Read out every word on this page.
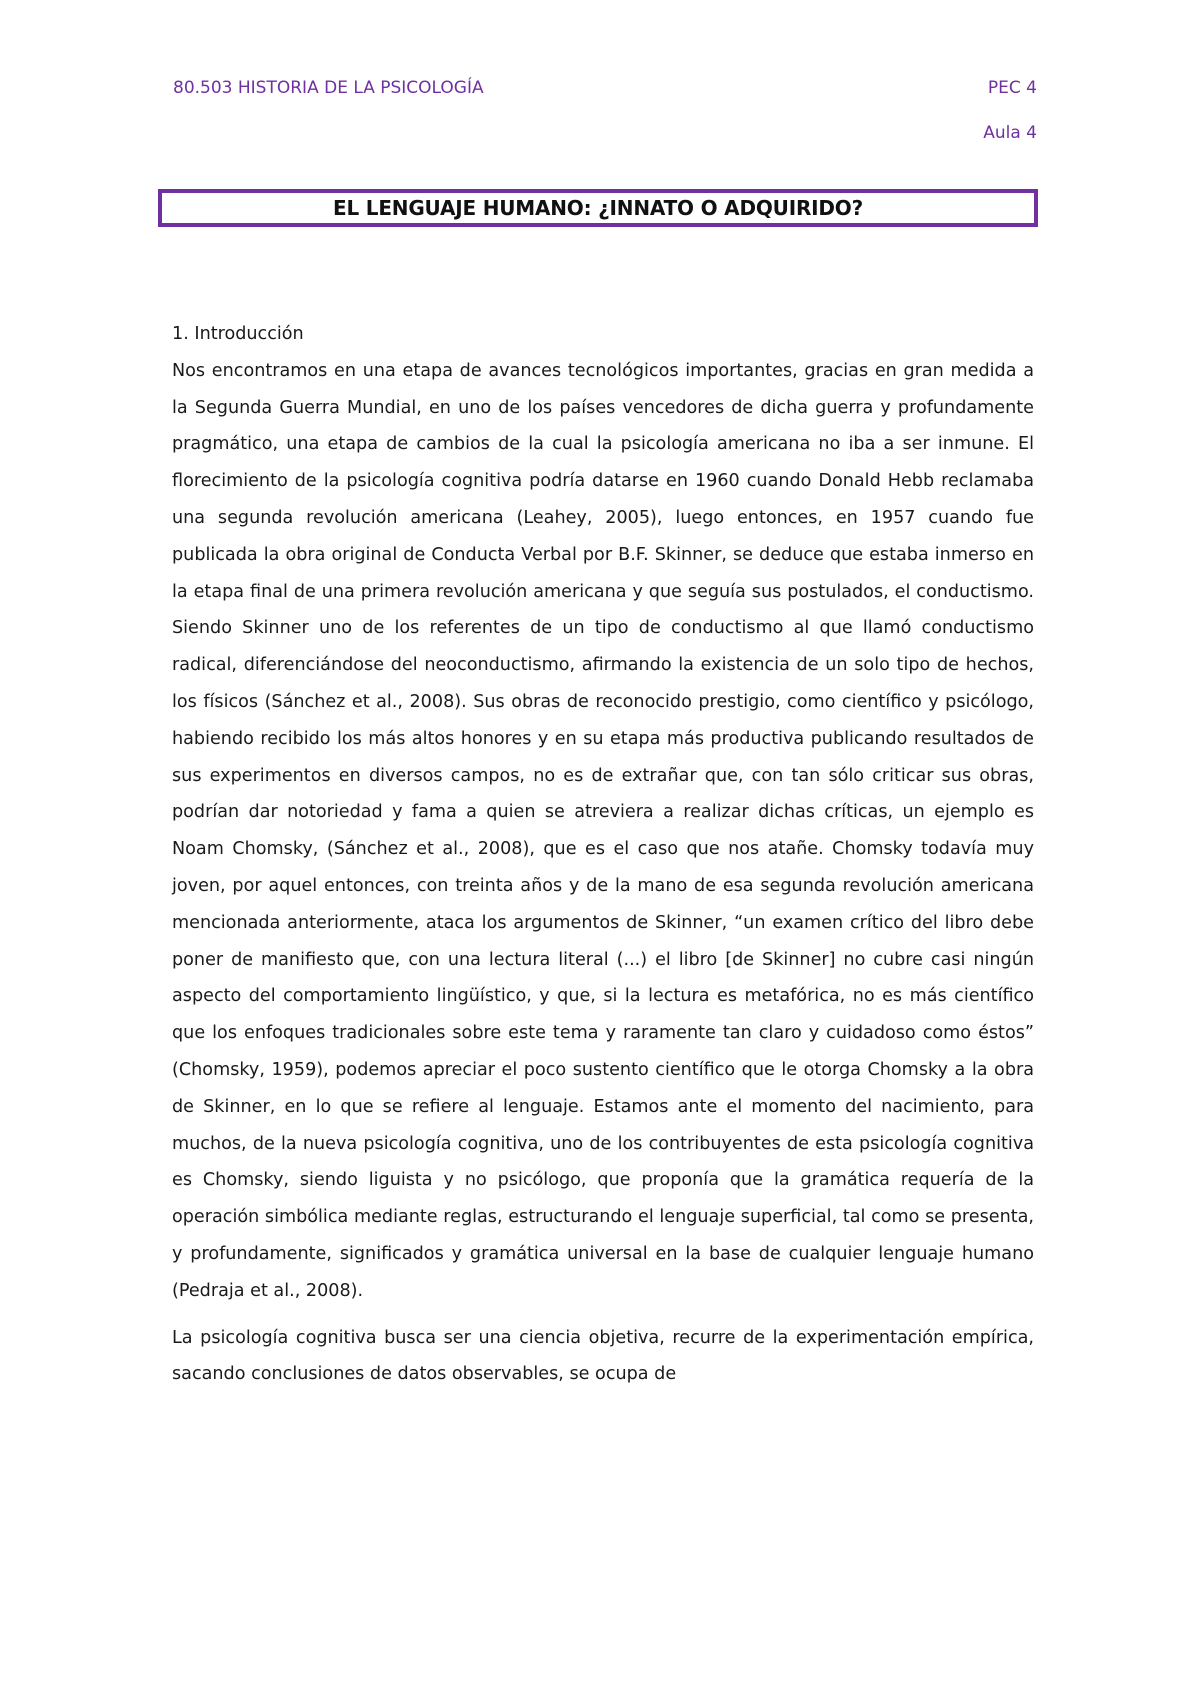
80.503 HISTORIA DE LA PSICOLOGÍA	PEC 4
Aula 4
EL LENGUAJE HUMANO: ¿INNATO O ADQUIRIDO?

1. Introducción

Nos encontramos en una etapa de avances tecnológicos importantes, gracias en gran medida a la Segunda Guerra Mundial, en uno de los países vencedores de dicha guerra y profundamente pragmático, una etapa de cambios de la cual la psicología americana no iba a ser inmune. El florecimiento de la psicología cognitiva podría datarse en 1960 cuando Donald Hebb reclamaba una segunda revolución americana (Leahey, 2005), luego entonces, en 1957 cuando fue publicada la obra original de Conducta Verbal por B.F. Skinner, se deduce que estaba inmerso en la etapa final de una primera revolución americana y que seguía sus postulados, el conductismo. Siendo Skinner uno de los referentes de un tipo de conductismo al que llamó conductismo radical, diferenciándose del neoconductismo, afirmando la existencia de un solo tipo de hechos, los físicos (Sánchez et al., 2008). Sus obras de reconocido prestigio, como científico y psicólogo, habiendo recibido los más altos honores y en su etapa más productiva publicando resultados de sus experimentos en diversos campos, no es de extrañar que, con tan sólo criticar sus obras, podrían dar notoriedad y fama a quien se atreviera a realizar dichas críticas, un ejemplo es Noam Chomsky, (Sánchez et al., 2008), que es el caso que nos atañe. Chomsky todavía muy joven, por aquel entonces, con treinta años y de la mano de esa segunda revolución americana mencionada anteriormente, ataca los argumentos de Skinner, “un examen crítico del libro debe poner de manifiesto que, con una lectura literal (...) el libro [de Skinner] no cubre casi ningún aspecto del comportamiento lingüístico, y que, si la lectura es metafórica, no es más científico que los enfoques tradicionales sobre este tema y raramente tan claro y cuidadoso como éstos” (Chomsky, 1959), podemos apreciar el poco sustento científico que le otorga Chomsky a la obra de Skinner, en lo que se refiere al lenguaje. Estamos ante el momento del nacimiento, para muchos, de la nueva psicología cognitiva, uno de los contribuyentes de esta psicología cognitiva es Chomsky, siendo liguista y no psicólogo, que proponía que la gramática requería de la operación simbólica mediante reglas, estructurando el lenguaje superficial, tal como se presenta, y profundamente, significados y gramática universal en la base de cualquier lenguaje humano (Pedraja et al., 2008).

La psicología cognitiva busca ser una ciencia objetiva, recurre de la experimentación empírica, sacando conclusiones de datos observables, se ocupa de
